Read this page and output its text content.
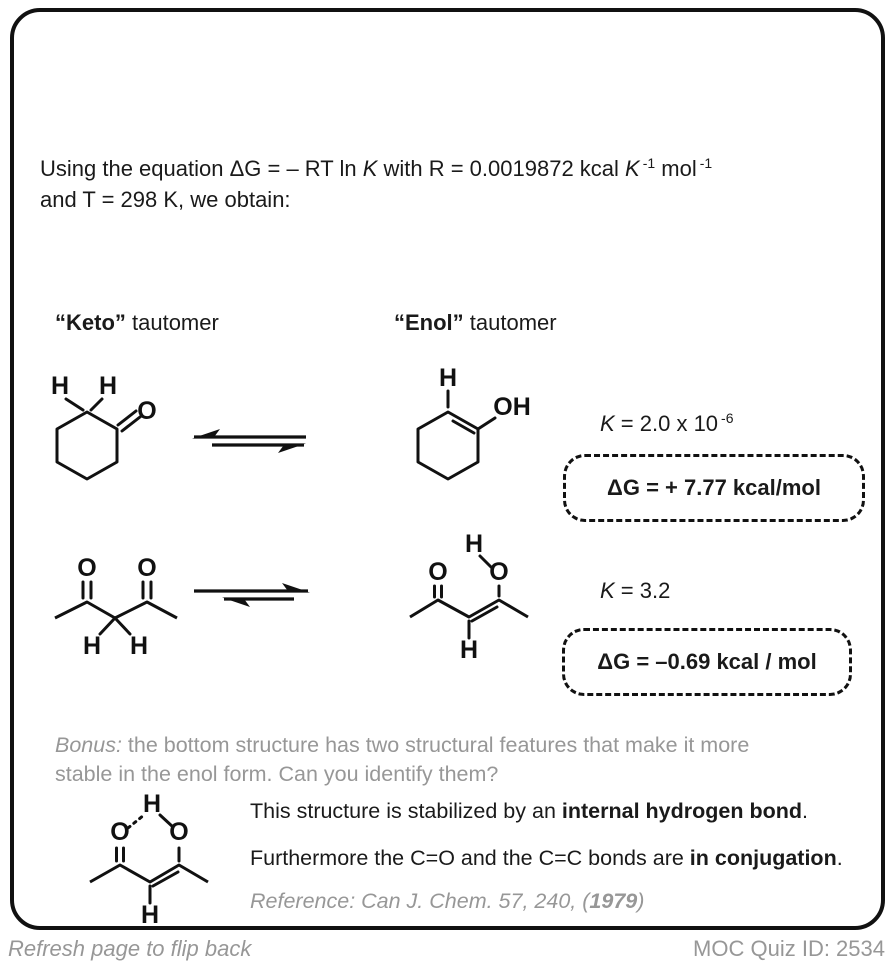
Using the equation ΔG = – RT ln K with R = 0.0019872 kcal K $^{-1}$ mol $^{-1}$
and T = 298 K, we obtain:
“Keto” tautomer	“Enol” tautomer
H H
O
H
OH
K = 2.0 x 10 $^{-6}$
ΔG = + 7.77 kcal/mol
O O
H H
H
O O
H
K = 3.2
ΔG = –0.69 kcal / mol
Bonus: the bottom structure has two structural features that make it more stable in the enol form. Can you identify them?
H
O O
H
This structure is stabilized by an internal hydrogen bond.
Furthermore the C=O and the C=C bonds are in conjugation.
Reference: Can J. Chem. 57, 240, (1979)
Refresh page to flip back	MOC Quiz ID: 2534
